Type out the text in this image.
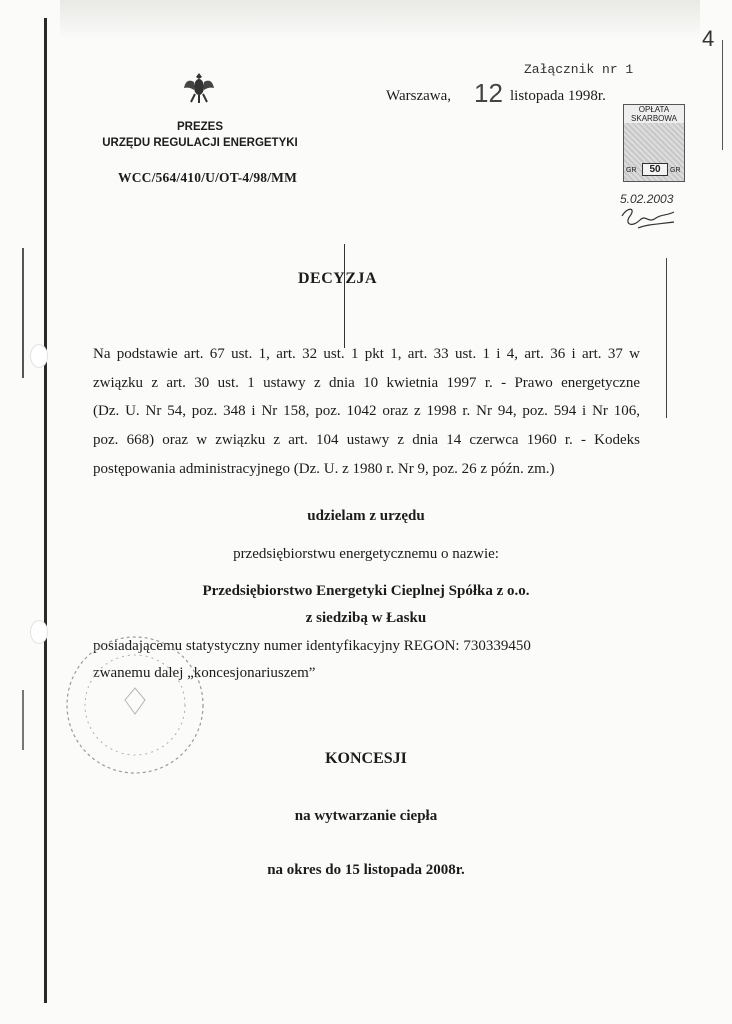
4
PREZES
URZĘDU REGULACJI ENERGETYKI
WCC/564/410/U/OT-4/98/MM
Załącznik nr 1
Warszawa, 12 listopada 1998r.
OPŁATA
SKARBOWA
GR	50	GR
5.02.2003
DECYZJA
Na podstawie art. 67 ust. 1, art. 32 ust. 1 pkt 1, art. 33 ust. 1 i 4, art. 36 i art. 37 w
związku z art. 30 ust. 1 ustawy z dnia 10 kwietnia 1997 r. - Prawo energetyczne
(Dz. U. Nr 54, poz. 348 i Nr 158, poz. 1042 oraz z 1998 r. Nr 94, poz. 594 i Nr 106,
poz. 668) oraz w związku z art. 104 ustawy z dnia 14 czerwca 1960 r. - Kodeks
postępowania administracyjnego (Dz. U. z 1980 r. Nr 9, poz. 26 z późn. zm.)
udzielam z urzędu
przedsiębiorstwu energetycznemu o nazwie:
Przedsiębiorstwo Energetyki Cieplnej Spółka z o.o.
z siedzibą w Łasku
posiadającemu statystyczny numer identyfikacyjny REGON: 730339450
zwanemu dalej „koncesjonariuszem”
KONCESJI
na wytwarzanie ciepła
na okres do 15 listopada 2008r.
